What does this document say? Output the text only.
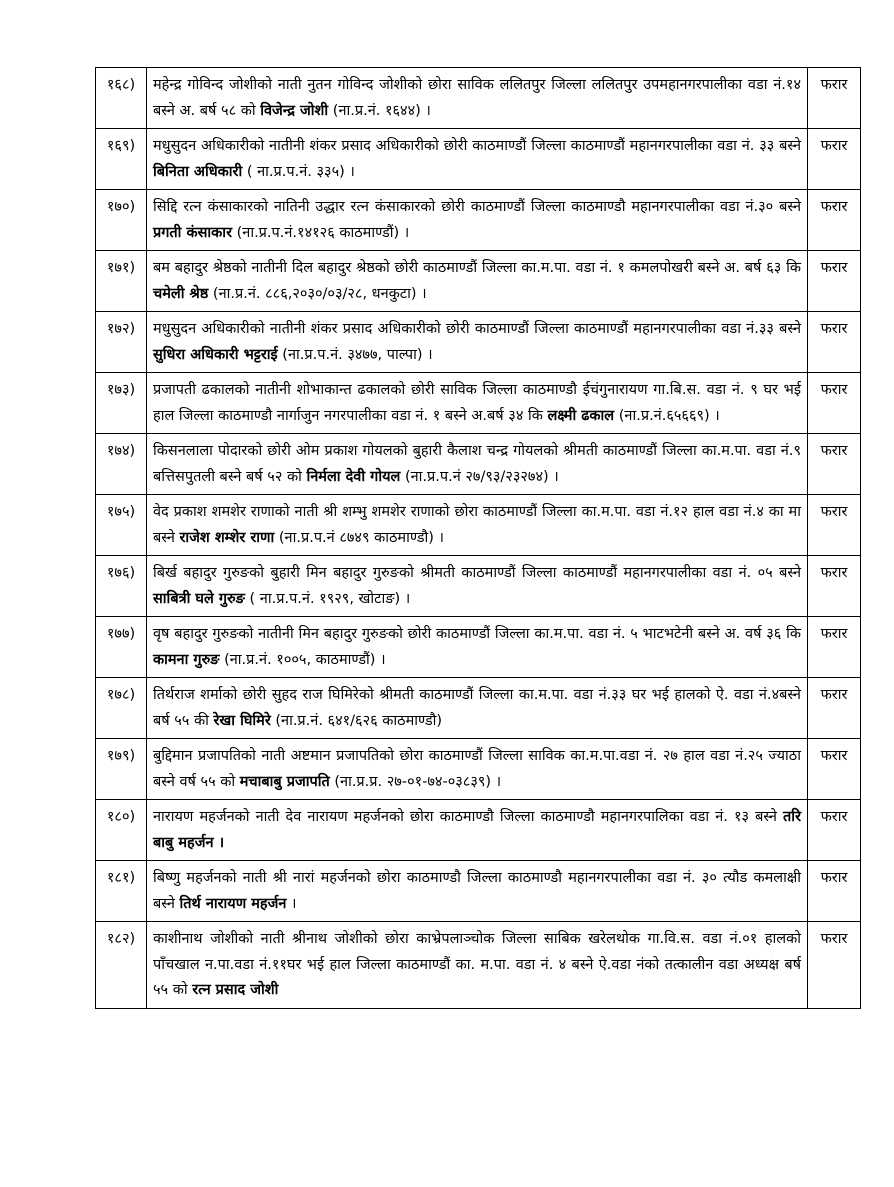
१६८)	महेन्द्र गोविन्द जोशीको नाती नुतन गोविन्द जोशीको छोरा साविक ललितपुर जिल्ला ललितपुर उपमहानगरपालीका वडा नं.१४ बस्ने अ. बर्ष ५८ को विजेन्द्र जोशी (ना.प्र.नं. १६४४) ।	फरार
१६९)	मधुसुदन अधिकारीको नातीनी शंकर प्रसाद अधिकारीको छोरी काठमाण्डौं जिल्ला काठमाण्डौं महानगरपालीका वडा नं. ३३ बस्ने बिनिता अधिकारी ( ना.प्र.प.नं. ३३५) ।	फरार
१७०)	सिद्दि रत्न कंसाकारको नातिनी उद्धार रत्न कंसाकारको छोरी काठमाण्डौं जिल्ला काठमाण्डौ महानगरपालीका वडा नं.३० बस्ने प्रगती कंसाकार (ना.प्र.प.नं.१४१२६ काठमाण्डौं) ।	फरार
१७१)	बम बहादुर श्रेष्ठको नातीनी दिल बहादुर श्रेष्ठको छोरी काठमाण्डौं जिल्ला का.म.पा. वडा नं. १ कमलपोखरी बस्ने अ. बर्ष ६३ कि चमेली श्रेष्ठ (ना.प्र.नं. ८८६,२०३०/०३/२८, धनकुटा) ।	फरार
१७२)	मधुसुदन अधिकारीको नातीनी शंकर प्रसाद अधिकारीको छोरी काठमाण्डौं जिल्ला काठमाण्डौं महानगरपालीका वडा नं.३३ बस्ने सुधिरा अधिकारी भट्टराई (ना.प्र.प.नं. ३४७७, पाल्पा) ।	फरार
१७३)	प्रजापती ढकालको नातीनी शोभाकान्त ढकालको छोरी साविक जिल्ला काठमाण्डौ ईचंगुनारायण गा.बि.स. वडा नं. ९ घर भई हाल जिल्ला काठमाण्डौ नार्गाजुन नगरपालीका वडा नं. १ बस्ने अ.बर्ष ३४ कि लक्ष्मी ढकाल (ना.प्र.नं.६५६६९) ।	फरार
१७४)	किसनलाला पोदारको छोरी ओम प्रकाश गोयलको बुहारी कैलाश चन्द्र गोयलको श्रीमती काठमाण्डौं जिल्ला का.म.पा. वडा नं.९ बत्तिसपुतली बस्ने बर्ष ५२ को निर्मला देवी गोयल (ना.प्र.प.नं २७/९३/२३२७४) ।	फरार
१७५)	वेद प्रकाश शमशेर राणाको नाती श्री शम्भु शमशेर राणाको छोरा काठमाण्डौं जिल्ला का.म.पा. वडा नं.१२ हाल वडा नं.४ का मा बस्ने राजेश शम्शेर राणा (ना.प्र.प.नं ८७४९ काठमाण्डौ) ।	फरार
१७६)	बिर्ख बहादुर गुरुङको बुहारी मिन बहादुर गुरुङको श्रीमती काठमाण्डौं जिल्ला काठमाण्डौं महानगरपालीका वडा नं. ०५ बस्ने साबित्री घले गुरुङ ( ना.प्र.प.नं. १९२९, खोटाङ) ।	फरार
१७७)	वृष बहादुर गुरुङको नातीनी मिन बहादुर गुरुङको छोरी काठमाण्डौं जिल्ला का.म.पा. वडा नं. ५ भाटभटेनी बस्ने अ. वर्ष ३६ कि कामना गुरुङ (ना.प्र.नं. १००५, काठमाण्डौं) ।	फरार
१७८)	तिर्थराज शर्माको छोरी सुहद राज घिमिरेको श्रीमती काठमाण्डौं जिल्ला का.म.पा. वडा नं.३३ घर भई हालको ऐ. वडा नं.४बस्ने बर्ष ५५ की रेखा घिमिरे (ना.प्र.नं. ६४१/६२६ काठमाण्डौ)	फरार
१७९)	बुद्दिमान प्रजापतिको नाती अष्टमान प्रजापतिको छोरा काठमाण्डौं जिल्ला साविक का.म.पा.वडा नं. २७ हाल वडा नं.२५ ज्याठा बस्ने वर्ष ५५ को मचाबाबु प्रजापति (ना.प्र.प्र. २७-०१-७४-०३८३९) ।	फरार
१८०)	नारायण महर्जनको नाती देव नारायण महर्जनको छोरा काठमाण्डौ जिल्ला काठमाण्डौ महानगरपालिका वडा नं. १३ बस्ने तरि बाबु महर्जन ।	फरार
१८१)	बिष्णु महर्जनको नाती श्री नारां महर्जनको छोरा काठमाण्डौ जिल्ला काठमाण्डौ महानगरपालीका वडा नं. ३० त्यौड कमलाक्षी बस्ने तिर्थ नारायण महर्जन ।	फरार
१८२)	काशीनाथ जोशीको नाती श्रीनाथ जोशीको छोरा काभ्रेपलाञ्चोक जिल्ला साबिक खरेलथोक गा.वि.स. वडा नं.०१ हालको पाँचखाल न.पा.वडा नं.११घर भई हाल जिल्ला काठमाण्डौं का. म.पा. वडा नं. ४ बस्ने ऐ.वडा नंको तत्कालीन वडा अध्यक्ष बर्ष ५५ को रत्न प्रसाद जोशी	फरार
